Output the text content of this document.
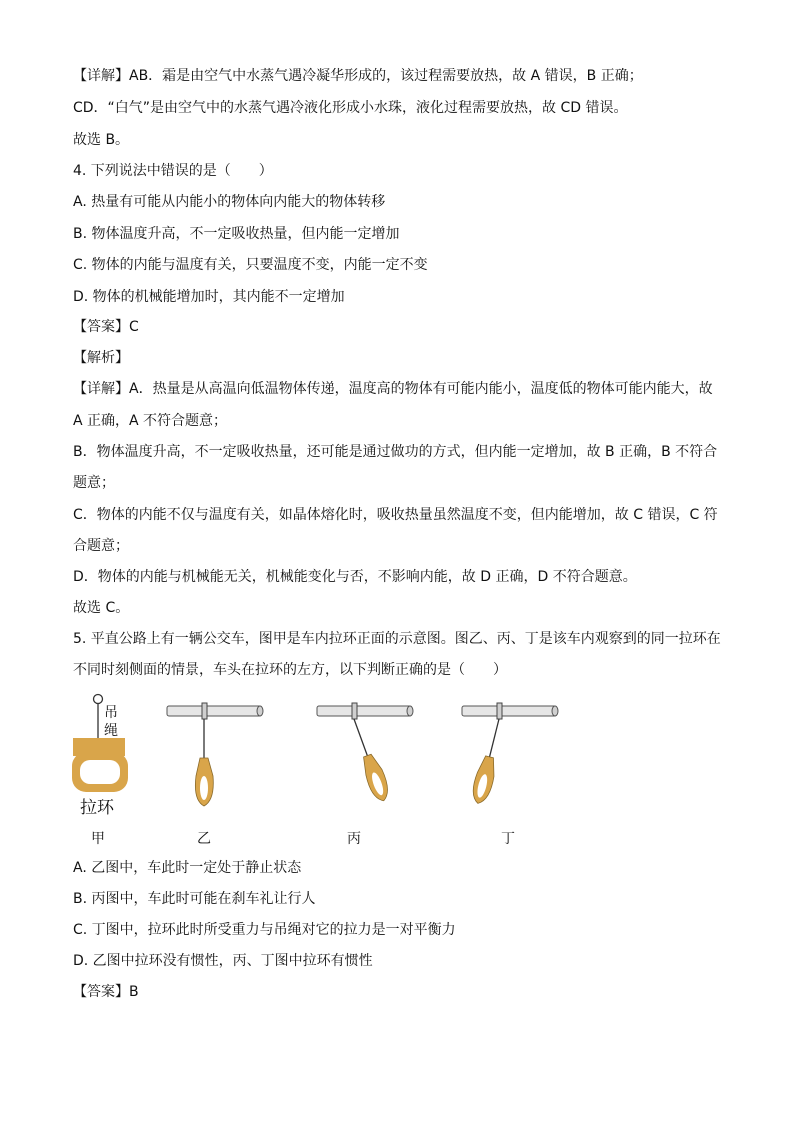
【详解】AB．霜是由空气中水蒸气遇冷凝华形成的，该过程需要放热，故 A 错误，B 正确；
CD．“白气”是由空气中的水蒸气遇冷液化形成小水珠，液化过程需要放热，故 CD 错误。
故选 B。
4. 下列说法中错误的是（　　）
A. 热量有可能从内能小的物体向内能大的物体转移
B. 物体温度升高，不一定吸收热量，但内能一定增加
C. 物体的内能与温度有关，只要温度不变，内能一定不变
D. 物体的机械能增加时，其内能不一定增加
【答案】C
【解析】
【详解】A．热量是从高温向低温物体传递，温度高的物体有可能内能小，温度低的物体可能内能大，故
A 正确，A 不符合题意；
B．物体温度升高，不一定吸收热量，还可能是通过做功的方式，但内能一定增加，故 B 正确，B 不符合
题意；
C．物体的内能不仅与温度有关，如晶体熔化时，吸收热量虽然温度不变，但内能增加，故 C 错误，C 符
合题意；
D．物体的内能与机械能无关，机械能变化与否，不影响内能，故 D 正确，D 不符合题意。
故选 C。
5. 平直公路上有一辆公交车，图甲是车内拉环正面的示意图。图乙、丙、丁是该车内观察到的同一拉环在
不同时刻侧面的情景，车头在拉环的左方，以下判断正确的是（　　）
吊
绳
拉环
甲	乙	丙	丁
A. 乙图中，车此时一定处于静止状态
B. 丙图中，车此时可能在刹车礼让行人
C. 丁图中，拉环此时所受重力与吊绳对它的拉力是一对平衡力
D. 乙图中拉环没有惯性，丙、丁图中拉环有惯性
【答案】B
